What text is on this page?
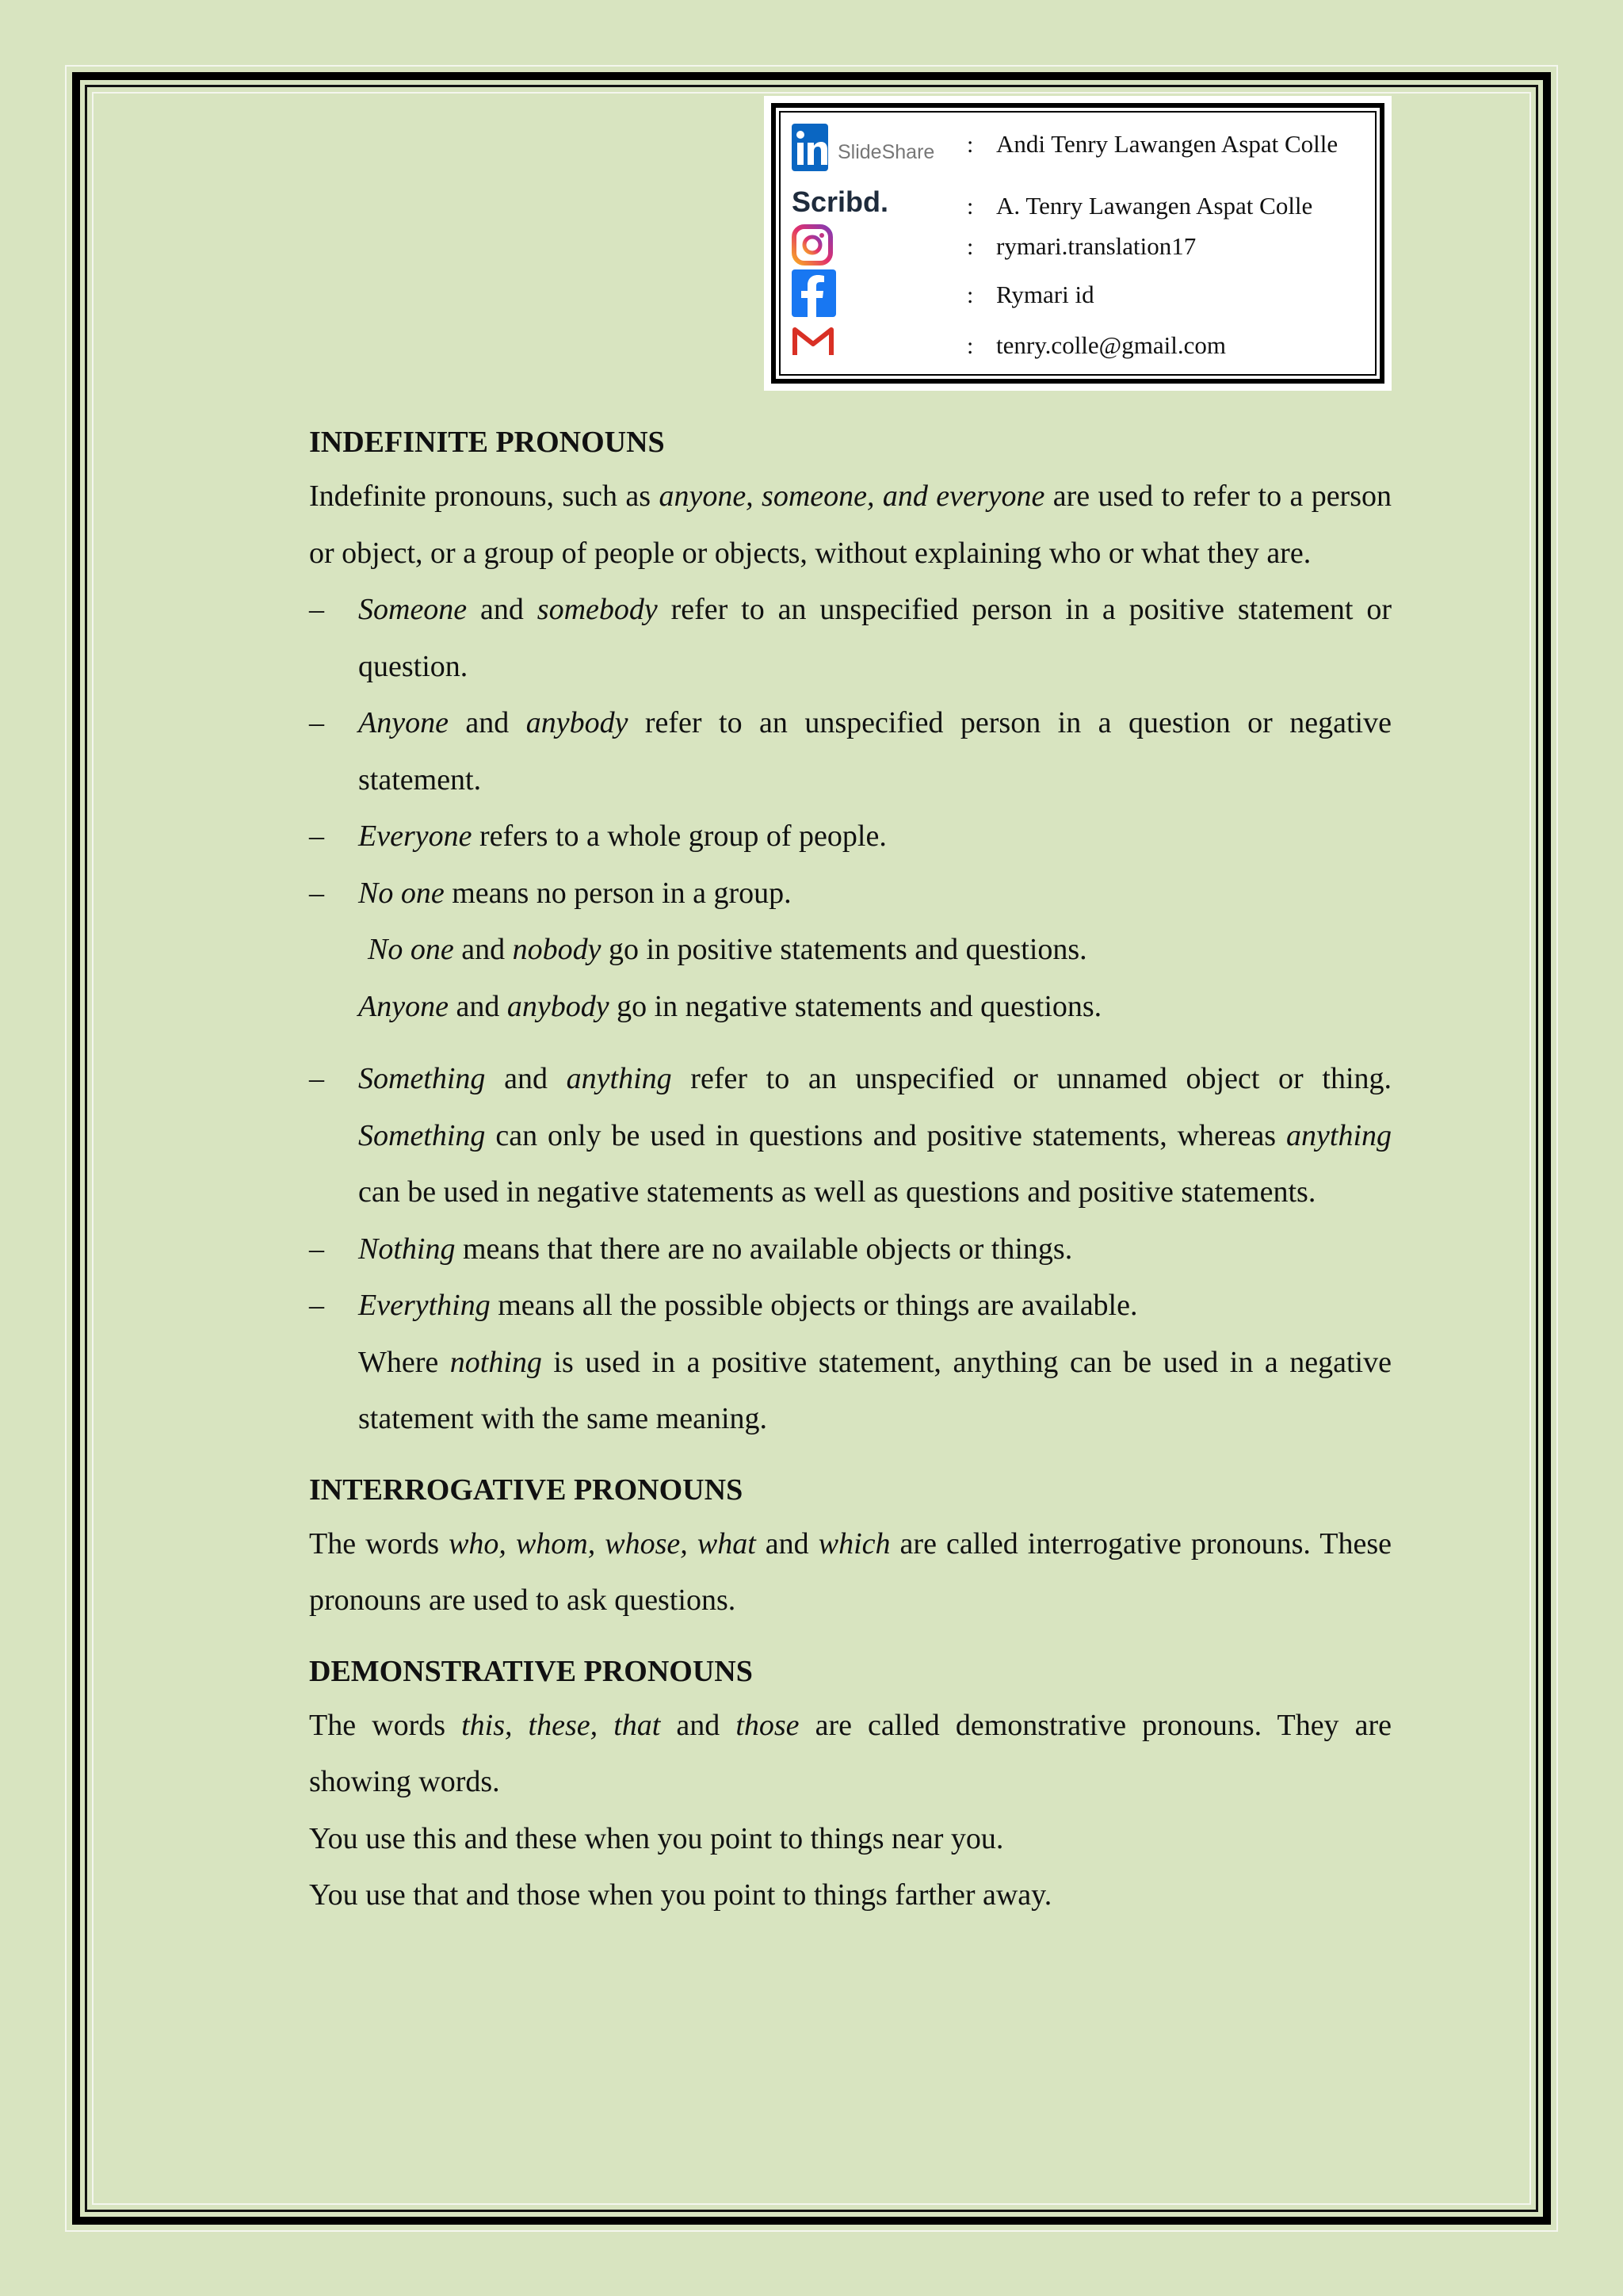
SlideShare : Andi Tenry Lawangen Aspat Colle
Scribd.	: A. Tenry Lawangen Aspat Colle
: rymari.translation17
: Rymari id
: tenry.colle@gmail.com

INDEFINITE PRONOUNS

Indefinite pronouns, such as anyone, someone, and everyone are used to refer to a person or object, or a group of people or objects, without explaining who or what they are.

– Someone and somebody refer to an unspecified person in a positive statement or question.

– Anyone and anybody refer to an unspecified person in a question or negative statement.

– Everyone refers to a whole group of people.

– No one means no person in a group.

No one and nobody go in positive statements and questions.

Anyone and anybody go in negative statements and questions.

– Something and anything refer to an unspecified or unnamed object or thing. Something can only be used in questions and positive statements, whereas anything can be used in negative statements as well as questions and positive statements.

– Nothing means that there are no available objects or things.

– Everything means all the possible objects or things are available.

Where nothing is used in a positive statement, anything can be used in a negative statement with the same meaning.

INTERROGATIVE PRONOUNS

The words who, whom, whose, what and which are called interrogative pronouns. These pronouns are used to ask questions.

DEMONSTRATIVE PRONOUNS

The words this, these, that and those are called demonstrative pronouns. They are showing words.

You use this and these when you point to things near you.

You use that and those when you point to things farther away.
